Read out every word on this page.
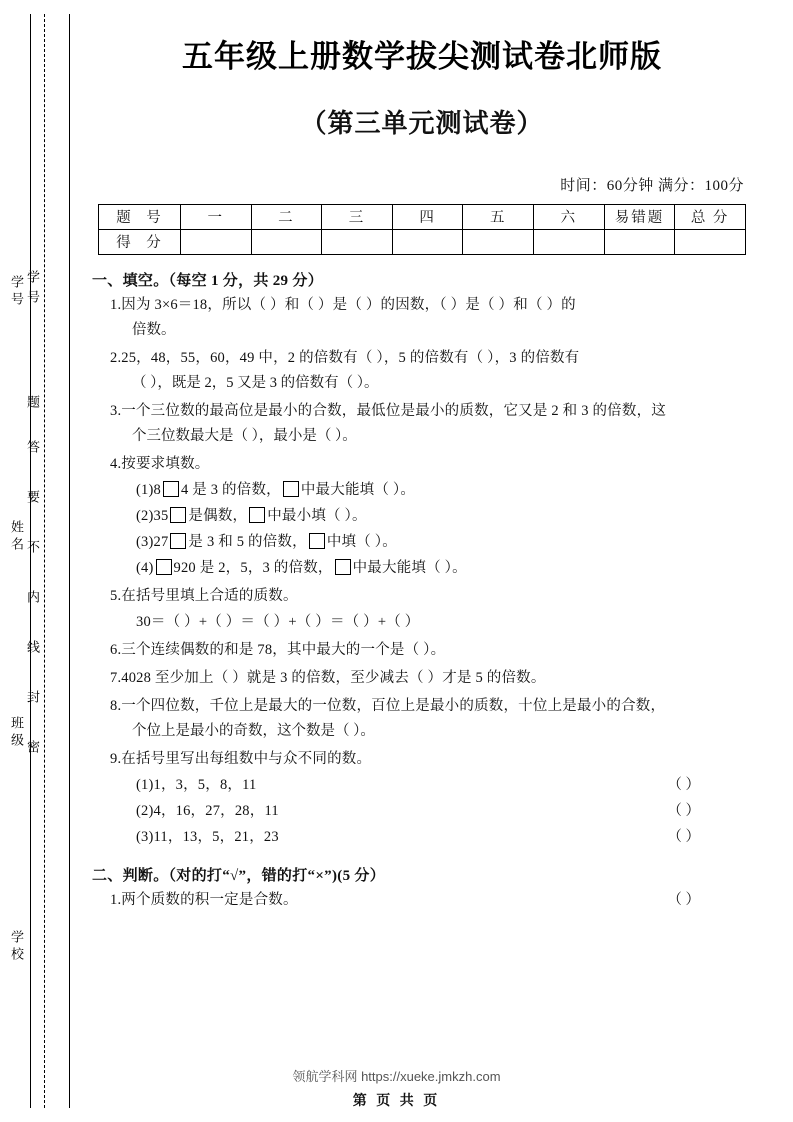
学号
题
答
要
不
内
线
封
密
学号
姓名
班级
学校
五年级上册数学拔尖测试卷北师版
（第三单元测试卷）
时间：60分钟 满分：100分
题 号	一	二	三	四	五	六	易错题	总 分
得 分								
一、填空。（每空 1 分，共 29 分）
1.因为 3×6＝18，所以（ ）和（ ）是（ ）的因数，（ ）是（ ）和（ ）的
倍数。
2.25，48，55，60，49 中，2 的倍数有（ ），5 的倍数有（ ），3 的倍数有
（ ），既是 2，5 又是 3 的倍数有（ ）。
3.一个三位数的最高位是最小的合数，最低位是最小的质数，它又是 2 和 3 的倍数，这
个三位数最大是（ ），最小是（ ）。
4.按要求填数。
(1)8 4 是 3 的倍数， 中最大能填（ ）。
(2)35 是偶数， 中最小填（ ）。
(3)27 是 3 和 5 的倍数， 中填（ ）。
(4) 920 是 2，5，3 的倍数， 中最大能填（ ）。
5.在括号里填上合适的质数。
30＝（ ）+（ ）＝（ ）+（ ）＝（ ）+（ ）
6.三个连续偶数的和是 78，其中最大的一个是（ ）。
7.4028 至少加上（ ）就是 3 的倍数，至少减去（ ）才是 5 的倍数。
8.一个四位数，千位上是最大的一位数，百位上是最小的质数，十位上是最小的合数，
个位上是最小的奇数，这个数是（ ）。
9.在括号里写出每组数中与众不同的数。
(1)1，3，5，8，11	（ ）
(2)4，16，27，28，11	（ ）
(3)11，13，5，21，23	（ ）
二、判断。（对的打“√”，错的打“×”)(5 分）
1.两个质数的积一定是合数。	（ ）
领航学科网 https://xueke.jmkzh.com
第 页 共 页
